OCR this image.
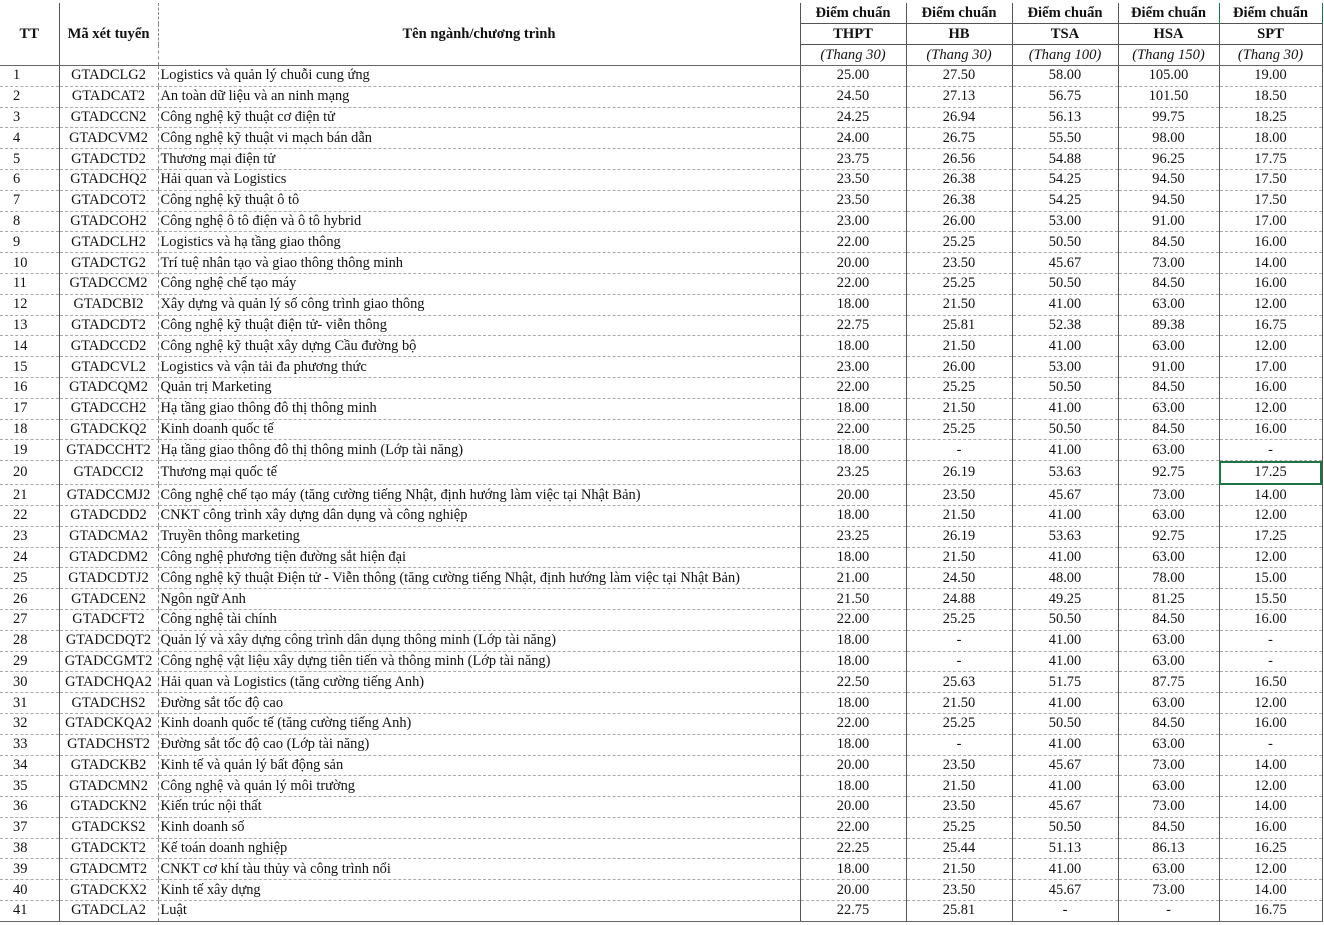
TT	Mã xét tuyển	Tên ngành/chương trình	Điểm chuẩn	Điểm chuẩn	Điểm chuẩn	Điểm chuẩn	Điểm chuẩn
			THPT	HB	TSA	HSA	SPT
			(Thang 30)	(Thang 30)	(Thang 100)	(Thang 150)	(Thang 30)
1	GTADCLG2	Logistics và quản lý chuỗi cung ứng	25.00	27.50	58.00	105.00	19.00
2	GTADCAT2	An toàn dữ liệu và an ninh mạng	24.50	27.13	56.75	101.50	18.50
3	GTADCCN2	Công nghệ kỹ thuật cơ điện tử	24.25	26.94	56.13	99.75	18.25
4	GTADCVM2	Công nghệ kỹ thuật vi mạch bán dẫn	24.00	26.75	55.50	98.00	18.00
5	GTADCTD2	Thương mại điện tử	23.75	26.56	54.88	96.25	17.75
6	GTADCHQ2	Hải quan và Logistics	23.50	26.38	54.25	94.50	17.50
7	GTADCOT2	Công nghệ kỹ thuật ô tô	23.50	26.38	54.25	94.50	17.50
8	GTADCOH2	Công nghệ ô tô điện và ô tô hybrid	23.00	26.00	53.00	91.00	17.00
9	GTADCLH2	Logistics và hạ tầng giao thông	22.00	25.25	50.50	84.50	16.00
10	GTADCTG2	Trí tuệ nhân tạo và giao thông thông minh	20.00	23.50	45.67	73.00	14.00
11	GTADCCM2	Công nghệ chế tạo máy	22.00	25.25	50.50	84.50	16.00
12	GTADCBI2	Xây dựng và quản lý số công trình giao thông	18.00	21.50	41.00	63.00	12.00
13	GTADCDT2	Công nghệ kỹ thuật điện tử- viễn thông	22.75	25.81	52.38	89.38	16.75
14	GTADCCD2	Công nghệ kỹ thuật xây dựng Cầu đường bộ	18.00	21.50	41.00	63.00	12.00
15	GTADCVL2	Logistics và vận tải đa phương thức	23.00	26.00	53.00	91.00	17.00
16	GTADCQM2	Quản trị Marketing	22.00	25.25	50.50	84.50	16.00
17	GTADCCH2	Hạ tầng giao thông đô thị thông minh	18.00	21.50	41.00	63.00	12.00
18	GTADCKQ2	Kinh doanh quốc tế	22.00	25.25	50.50	84.50	16.00
19	GTADCCHT2	Hạ tầng giao thông đô thị thông minh (Lớp tài năng)	18.00	-	41.00	63.00	-
20	GTADCCI2	Thương mại quốc tế	23.25	26.19	53.63	92.75	17.25
21	GTADCCMJ2	Công nghệ chế tạo máy (tăng cường tiếng Nhật, định hướng làm việc tại Nhật Bản)	20.00	23.50	45.67	73.00	14.00
22	GTADCDD2	CNKT công trình xây dựng dân dụng và công nghiệp	18.00	21.50	41.00	63.00	12.00
23	GTADCMA2	Truyền thông marketing	23.25	26.19	53.63	92.75	17.25
24	GTADCDM2	Công nghệ phương tiện đường sắt hiện đại	18.00	21.50	41.00	63.00	12.00
25	GTADCDTJ2	Công nghệ kỹ thuật Điện tử - Viễn thông (tăng cường tiếng Nhật, định hướng làm việc tại Nhật Bản)	21.00	24.50	48.00	78.00	15.00
26	GTADCEN2	Ngôn ngữ Anh	21.50	24.88	49.25	81.25	15.50
27	GTADCFT2	Công nghệ tài chính	22.00	25.25	50.50	84.50	16.00
28	GTADCDQT2	Quản lý và xây dựng công trình dân dụng thông minh (Lớp tài năng)	18.00	-	41.00	63.00	-
29	GTADCGMT2	Công nghệ vật liệu xây dựng tiên tiến và thông minh (Lớp tài năng)	18.00	-	41.00	63.00	-
30	GTADCHQA2	Hải quan và Logistics (tăng cường tiếng Anh)	22.50	25.63	51.75	87.75	16.50
31	GTADCHS2	Đường sắt tốc độ cao	18.00	21.50	41.00	63.00	12.00
32	GTADCKQA2	Kinh doanh quốc tế (tăng cường tiếng Anh)	22.00	25.25	50.50	84.50	16.00
33	GTADCHST2	Đường sắt tốc độ cao (Lớp tài năng)	18.00	-	41.00	63.00	-
34	GTADCKB2	Kinh tế và quản lý bất động sản	20.00	23.50	45.67	73.00	14.00
35	GTADCMN2	Công nghệ và quản lý môi trường	18.00	21.50	41.00	63.00	12.00
36	GTADCKN2	Kiến trúc nội thất	20.00	23.50	45.67	73.00	14.00
37	GTADCKS2	Kinh doanh số	22.00	25.25	50.50	84.50	16.00
38	GTADCKT2	Kế toán doanh nghiệp	22.25	25.44	51.13	86.13	16.25
39	GTADCMT2	CNKT cơ khí tàu thủy và công trình nổi	18.00	21.50	41.00	63.00	12.00
40	GTADCKX2	Kinh tế xây dựng	20.00	23.50	45.67	73.00	14.00
41	GTADCLA2	Luật	22.75	25.81	-	-	16.75
